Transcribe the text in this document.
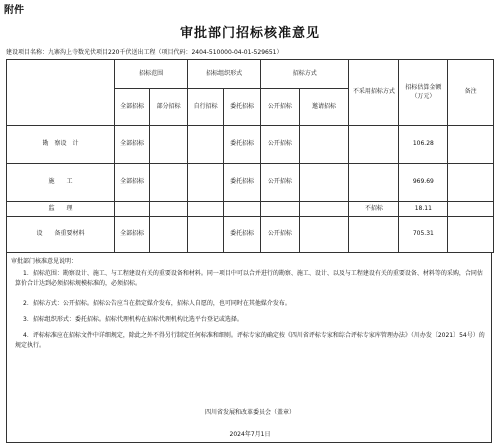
附件
审批部门招标核准意见
建设项目名称：九寨沟上寺数光伏项目220千伏送出工程（项目代码：2404-510000-04-01-529651）
	招标范围		招标组织形式		招标方式		不采用招标方式	招标估算金额（万元）	备注
	全部招标	部分招标	自行招标	委托招标	公开招标	邀请招标			
勘　察设　计	全部招标			委托招标	公开招标			106.28	
施　　工	全部招标			委托招标	公开招标			969.69	
监　　理							不招标	18.11	
设　　备重要材料	全部招标			委托招标	公开招标			705.31	
审批部门核准意见说明：
1．招标范围：勘察设计、施工、与工程建设有关的重要设备和材料。同一项目中可以合并进行的勘察、施工、设计、以及与工程建设有关的重要设备、材料等的采购，合同估算价合计达到必须招标规模标准的，必须招标。
2．招标方式：公开招标。招标公告应当在指定媒介发布，招标人自愿的，也可同时在其他媒介发布。
3．招标组织形式：委托招标。招标代理机构在招标代理机构比选平台登记或选择。
4．评标标准应在招标文件中详细规定，除此之外不得另行制定任何标准和细则。评标专家的确定按《四川省评标专家和综合评标专家库管理办法》（川办发〔2021〕54号）的规定执行。
四川省发展和改革委员会（盖章）
2024年7月1日
